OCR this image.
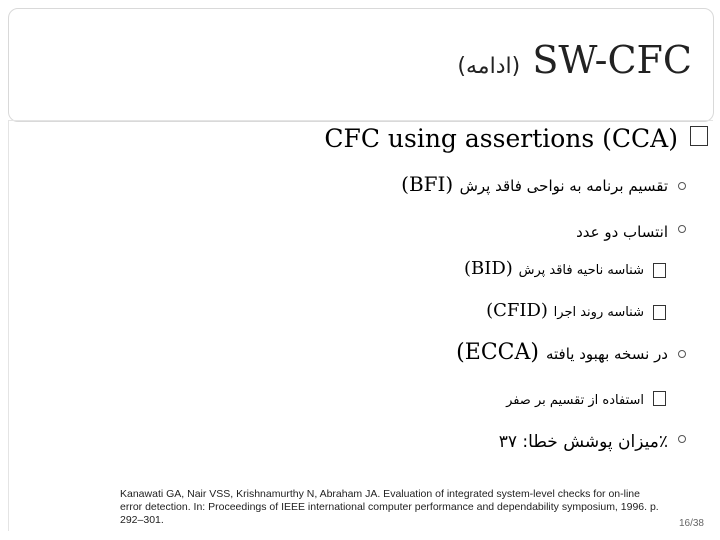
(ادامه) SW-CFC
CFC using assertions (CCA)
(BFI) تقسیم برنامه به نواحی فاقد پرش
انتساب دو عدد
(BID) شناسه ناحیه فاقد پرش
(CFID) شناسه روند اجرا
(ECCA) در نسخه بهبود یافته
استفاده از تقسیم بر صفر
میزان پوشش خطا: ۳۷٪
Kanawati GA, Nair VSS, Krishnamurthy N, Abraham JA. Evaluation of integrated system-level checks for on-line error detection. In: Proceedings of IEEE international computer performance and dependability symposium, 1996. p. 292–301.	16/38
